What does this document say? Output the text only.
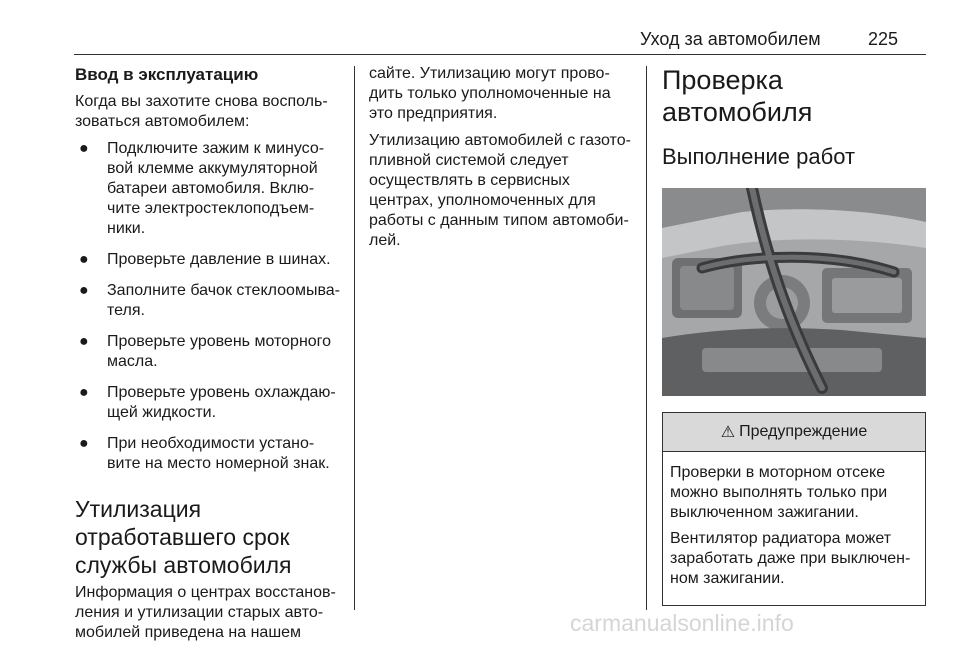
Уход за автомобилем	225
Ввод в эксплуатацию
Когда вы захотите снова восполь-
зоваться автомобилем:
● Подключите зажим к минусо-
вой клемме аккумуляторной
батареи автомобиля. Вклю-
чите электростеклоподъем-
ники.
● Проверьте давление в шинах.
● Заполните бачок стеклоомыва-
теля.
● Проверьте уровень моторного
масла.
● Проверьте уровень охлаждаю-
щей жидкости.
● При необходимости устано-
вите на место номерной знак.
Утилизация
отработавшего срок
службы автомобиля
Информация о центрах восстанов-
ления и утилизации старых авто-
мобилей приведена на нашем
сайте. Утилизацию могут прово-
дить только уполномоченные на
это предприятия.
Утилизацию автомобилей с газото-
пливной системой следует
осуществлять в сервисных
центрах, уполномоченных для
работы с данным типом автомоби-
лей.
Проверка автомобиля
Выполнение работ
⚠ Предупреждение
Проверки в моторном отсеке
можно выполнять только при
выключенном зажигании.
Вентилятор радиатора может
заработать даже при выключен-
ном зажигании.
carmanualsonline.info
